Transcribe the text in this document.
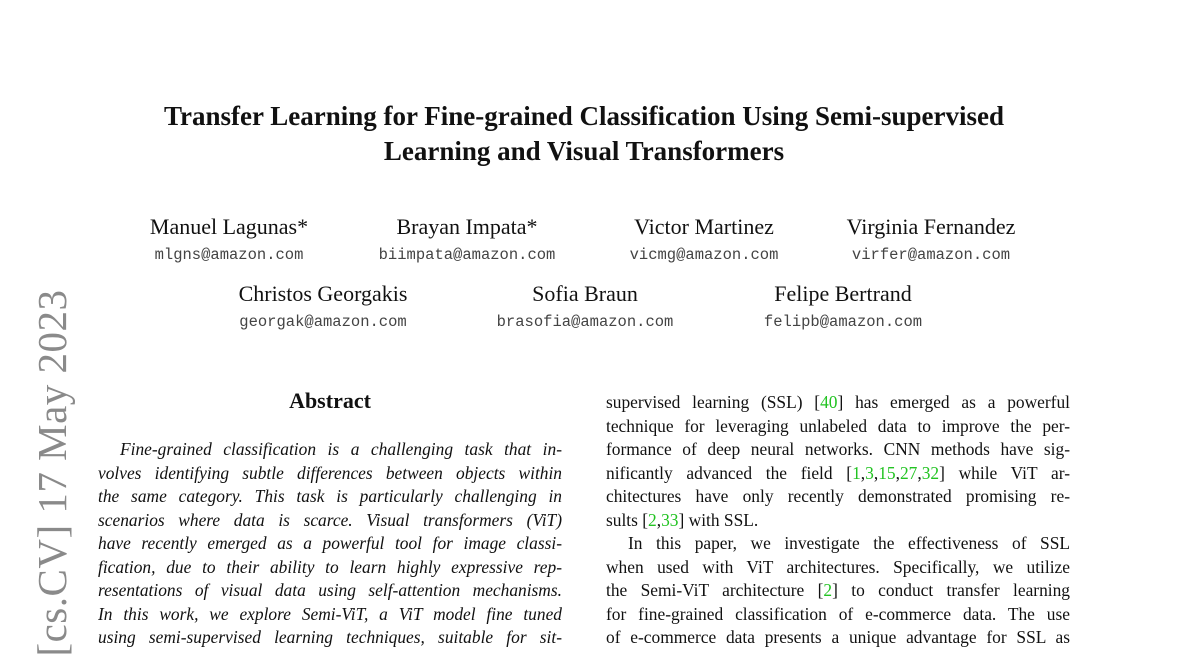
[cs.CV] 17 May 2023
Transfer Learning for Fine-grained Classification Using Semi-supervised
Learning and Visual Transformers
Manuel Lagunas*
mlgns@amazon.com
Brayan Impata*
biimpata@amazon.com
Victor Martinez
vicmg@amazon.com
Virginia Fernandez
virfer@amazon.com
Christos Georgakis
georgak@amazon.com
Sofia Braun
brasofia@amazon.com
Felipe Bertrand
felipb@amazon.com
Abstract
Fine-grained classification is a challenging task that in-
volves identifying subtle differences between objects within
the same category. This task is particularly challenging in
scenarios where data is scarce. Visual transformers (ViT)
have recently emerged as a powerful tool for image classi-
fication, due to their ability to learn highly expressive rep-
resentations of visual data using self-attention mechanisms.
In this work, we explore Semi-ViT, a ViT model fine tuned
using semi-supervised learning techniques, suitable for sit-
supervised learning (SSL) [40] has emerged as a powerful
technique for leveraging unlabeled data to improve the per-
formance of deep neural networks. CNN methods have sig-
nificantly advanced the field [1,3,15,27,32] while ViT ar-
chitectures have only recently demonstrated promising re-
sults [2,33] with SSL.
In this paper, we investigate the effectiveness of SSL
when used with ViT architectures. Specifically, we utilize
the Semi-ViT architecture [2] to conduct transfer learning
for fine-grained classification of e-commerce data. The use
of e-commerce data presents a unique advantage for SSL as
